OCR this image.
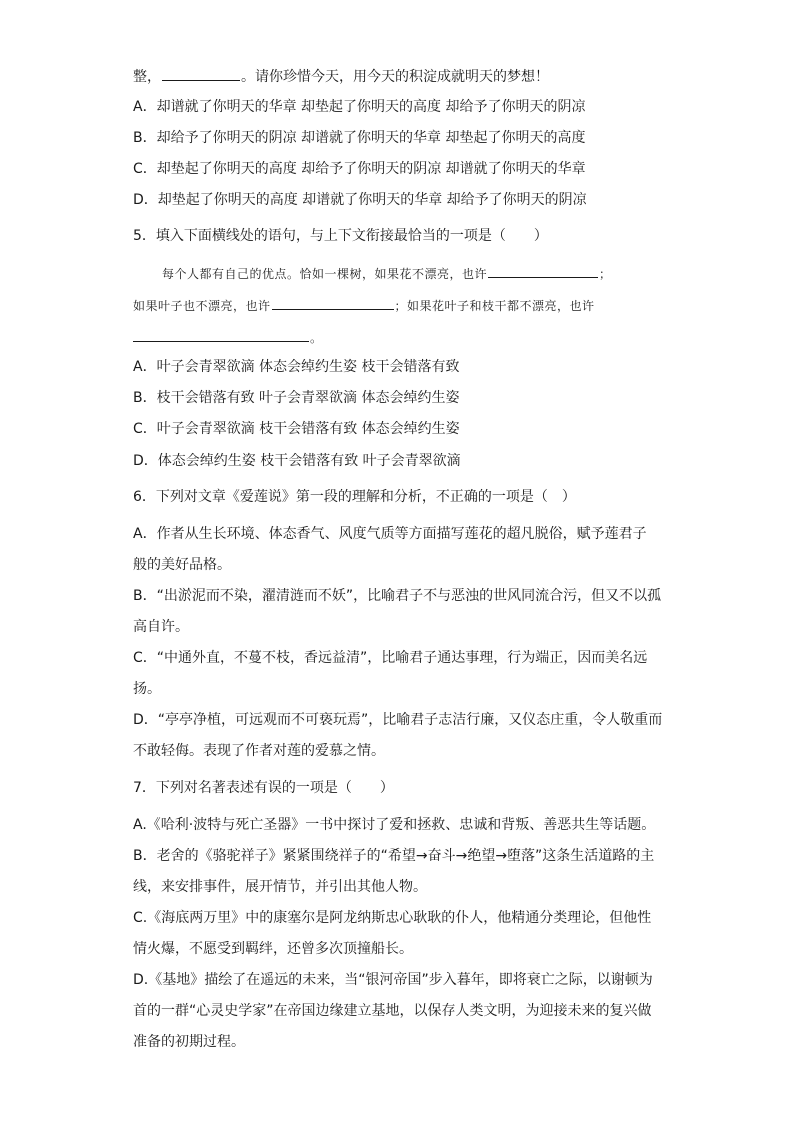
整，	。请你珍惜今天，用今天的积淀成就明天的梦想！
A．却谱就了你明天的华章 却垫起了你明天的高度 却给予了你明天的阴凉
B．却给予了你明天的阴凉 却谱就了你明天的华章 却垫起了你明天的高度
C．却垫起了你明天的高度 却给予了你明天的阴凉 却谱就了你明天的华章
D．却垫起了你明天的高度 却谱就了你明天的华章 却给予了你明天的阴凉
5．填入下面横线处的语句，与上下文衔接最恰当的一项是（　　）
每个人都有自己的优点。恰如一棵树，如果花不漂亮，也许	；
如果叶子也不漂亮，也许	；如果花叶子和枝干都不漂亮，也许
。
A．叶子会青翠欲滴 体态会绰约生姿 枝干会错落有致
B．枝干会错落有致 叶子会青翠欲滴 体态会绰约生姿
C．叶子会青翠欲滴 枝干会错落有致 体态会绰约生姿
D．体态会绰约生姿 枝干会错落有致 叶子会青翠欲滴
6．下列对文章《爱莲说》第一段的理解和分析，不正确的一项是（　）
A．作者从生长环境、体态香气、风度气质等方面描写莲花的超凡脱俗，赋予莲君子
般的美好品格。
B．“出淤泥而不染，濯清涟而不妖”，比喻君子不与恶浊的世风同流合污，但又不以孤
高自许。
C．“中通外直，不蔓不枝，香远益清”，比喻君子通达事理，行为端正，因而美名远
扬。
D．“亭亭净植，可远观而不可亵玩焉”，比喻君子志洁行廉，又仪态庄重，令人敬重而
不敢轻侮。表现了作者对莲的爱慕之情。
7．下列对名著表述有误的一项是（　　）
A.《哈利·波特与死亡圣器》一书中探讨了爱和拯救、忠诚和背叛、善恶共生等话题。
B．老舍的《骆驼祥子》紧紧围绕祥子的“希望→奋斗→绝望→堕落”这条生活道路的主
线，来安排事件，展开情节，并引出其他人物。
C.《海底两万里》中的康塞尔是阿龙纳斯忠心耿耿的仆人，他精通分类理论，但他性
情火爆，不愿受到羁绊，还曾多次顶撞船长。
D.《基地》描绘了在遥远的未来，当“银河帝国”步入暮年，即将衰亡之际，以谢顿为
首的一群“心灵史学家”在帝国边缘建立基地，以保存人类文明，为迎接未来的复兴做
准备的初期过程。
